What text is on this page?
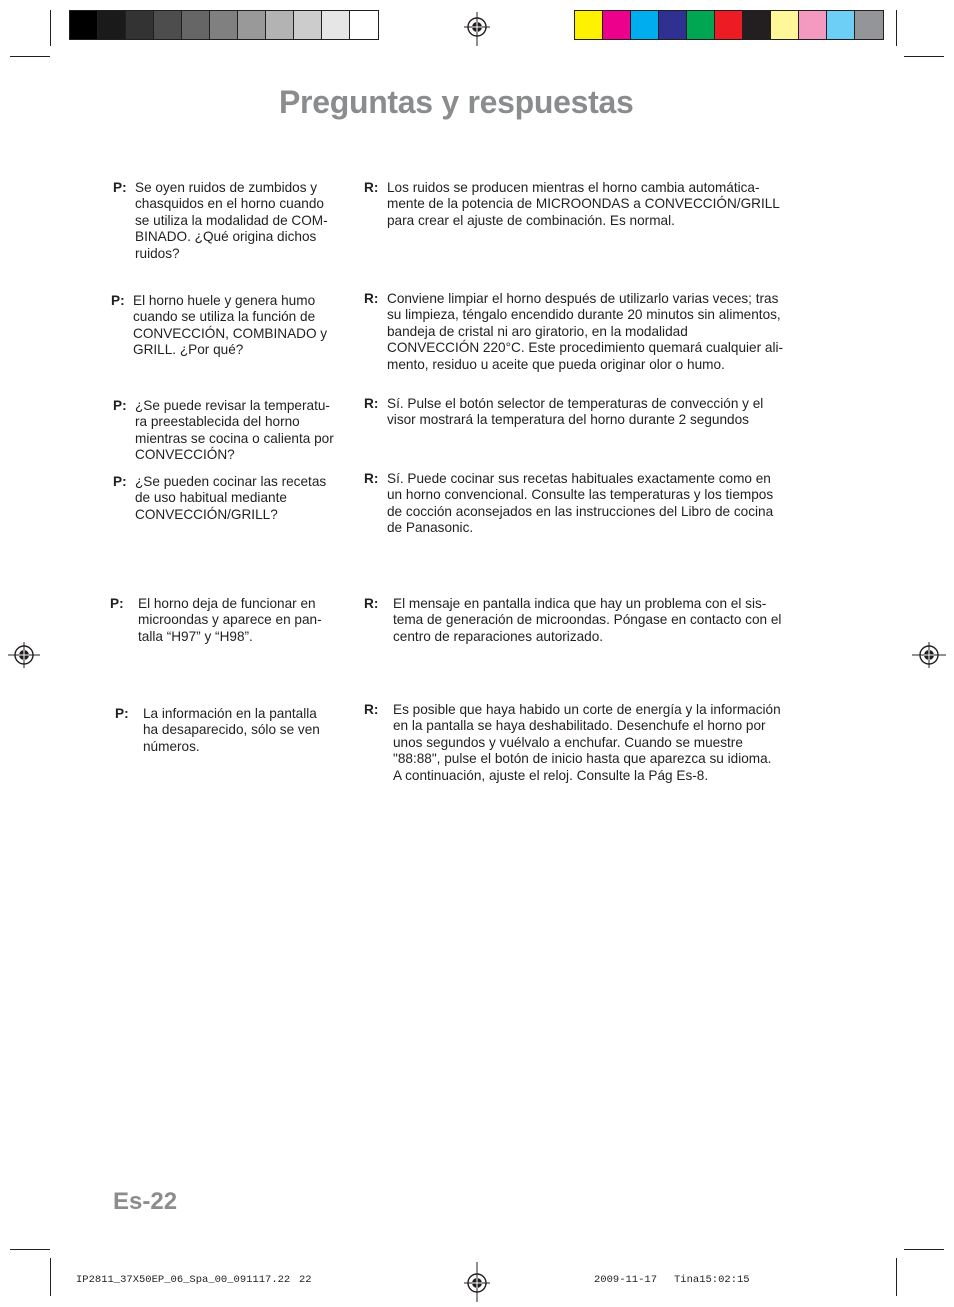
Preguntas y respuestas
P: Se oyen ruidos de zumbidos y
chasquidos en el horno cuando
se utiliza la modalidad de COM-
BINADO. ¿Qué origina dichos
ruidos?
R: Los ruidos se producen mientras el horno cambia automática-
mente de la potencia de MICROONDAS a CONVECCIÓN/GRILL
para crear el ajuste de combinación. Es normal.
P: El horno huele y genera humo
cuando se utiliza la función de
CONVECCIÓN, COMBINADO y
GRILL. ¿Por qué?
R: Conviene limpiar el horno después de utilizarlo varias veces; tras
su limpieza, téngalo encendido durante 20 minutos sin alimentos,
bandeja de cristal ni aro giratorio, en la modalidad
CONVECCIÓN 220°C. Este procedimiento quemará cualquier ali-
mento, residuo u aceite que pueda originar olor o humo.
P: ¿Se puede revisar la temperatu-
ra preestablecida del horno
mientras se cocina o calienta por
CONVECCIÓN?
R: Sí. Pulse el botón selector de temperaturas de convección y el
visor mostrará la temperatura del horno durante 2 segundos
P: ¿Se pueden cocinar las recetas
de uso habitual mediante
CONVECCIÓN/GRILL?
R: Sí. Puede cocinar sus recetas habituales exactamente como en
un horno convencional. Consulte las temperaturas y los tiempos
de cocción aconsejados en las instrucciones del Libro de cocina
de Panasonic.
P: El horno deja de funcionar en
microondas y aparece en pan-
talla “H97” y “H98”.
R: El mensaje en pantalla indica que hay un problema con el sis-
tema de generación de microondas. Póngase en contacto con el
centro de reparaciones autorizado.
P: La información en la pantalla
ha desaparecido, sólo se ven
números.
R: Es posible que haya habido un corte de energía y la información
en la pantalla se haya deshabilitado. Desenchufe el horno por
unos segundos y vuélvalo a enchufar. Cuando se muestre
"88:88", pulse el botón de inicio hasta que aparezca su idioma.
A continuación, ajuste el reloj. Consulte la Pág Es-8.
Es-22
IP2811_37X50EP_06_Spa_00_091117.22 22	2009-11-17 Tina15:02:15
